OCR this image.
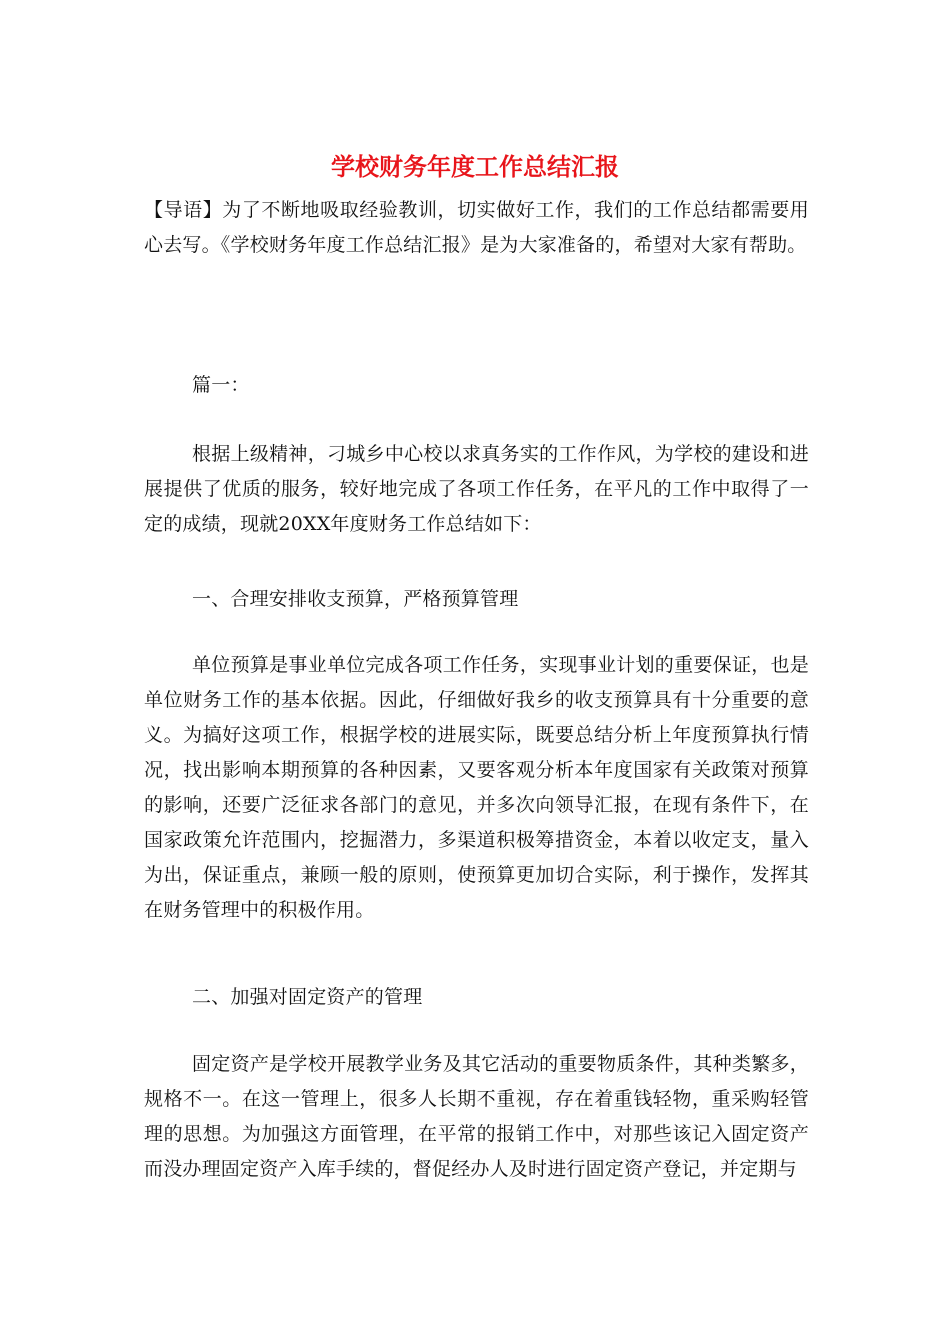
学校财务年度工作总结汇报
【导语】为了不断地吸取经验教训，切实做好工作，我们的工作总结都需要用心去写。《学校财务年度工作总结汇报》是为大家准备的，希望对大家有帮助。
篇一：
根据上级精神，刁城乡中心校以求真务实的工作作风，为学校的建设和进展提供了优质的服务，较好地完成了各项工作任务，在平凡的工作中取得了一定的成绩，现就20XX年度财务工作总结如下：
一、合理安排收支预算，严格预算管理
单位预算是事业单位完成各项工作任务，实现事业计划的重要保证，也是单位财务工作的基本依据。因此，仔细做好我乡的收支预算具有十分重要的意义。为搞好这项工作，根据学校的进展实际，既要总结分析上年度预算执行情况，找出影响本期预算的各种因素，又要客观分析本年度国家有关政策对预算的影响，还要广泛征求各部门的意见，并多次向领导汇报，在现有条件下，在国家政策允许范围内，挖掘潜力，多渠道积极筹措资金，本着以收定支，量入为出，保证重点，兼顾一般的原则，使预算更加切合实际，利于操作，发挥其在财务管理中的积极作用。
二、加强对固定资产的管理
固定资产是学校开展教学业务及其它活动的重要物质条件，其种类繁多，规格不一。在这一管理上，很多人长期不重视，存在着重钱轻物，重采购轻管理的思想。为加强这方面管理，在平常的报销工作中，对那些该记入固定资产而没办理固定资产入库手续的，督促经办人及时进行固定资产登记，并定期与
